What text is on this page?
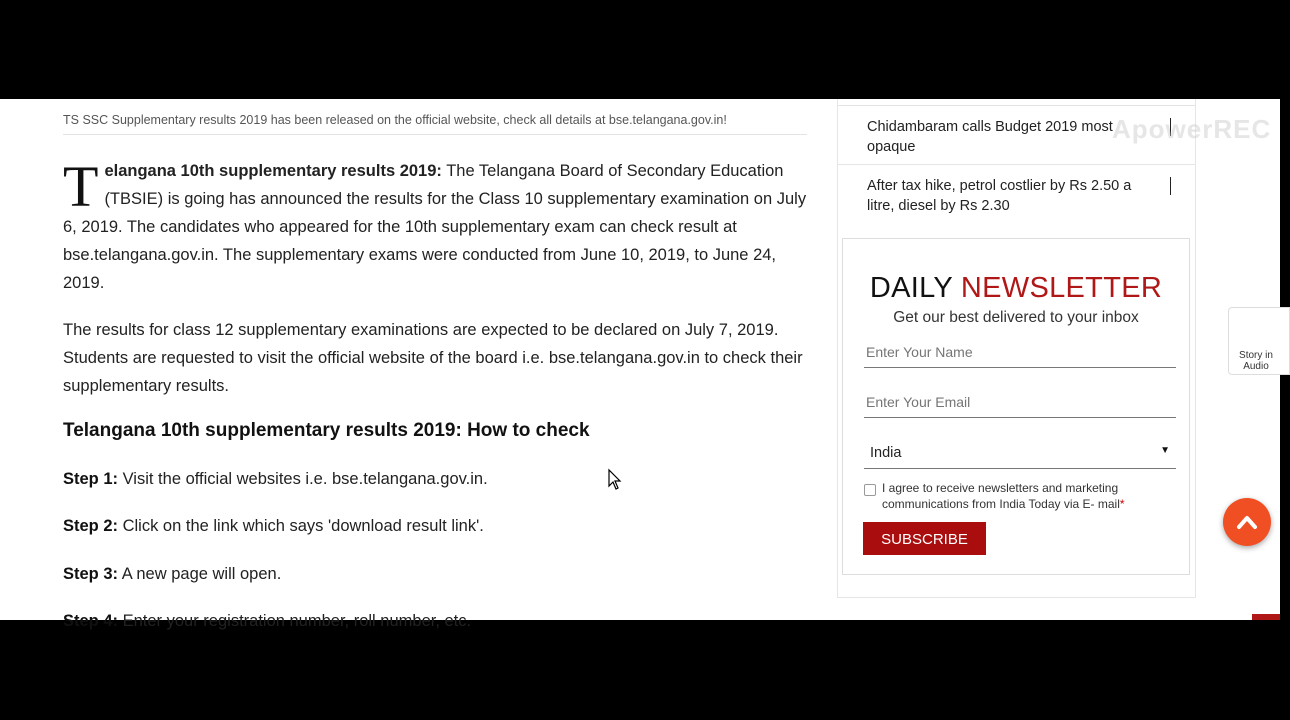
TS SSC Supplementary results 2019 has been released on the official website, check all details at bse.telangana.gov.in!

Telangana 10th supplementary results 2019: The Telangana Board of Secondary Education (TBSIE) is going has announced the results for the Class 10 supplementary examination on July 6, 2019. The candidates who appeared for the 10th supplementary exam can check result at bse.telangana.gov.in. The supplementary exams were conducted from June 10, 2019, to June 24, 2019.

The results for class 12 supplementary examinations are expected to be declared on July 7, 2019. Students are requested to visit the official website of the board i.e. bse.telangana.gov.in to check their supplementary results.

Telangana 10th supplementary results 2019: How to check

Step 1: Visit the official websites i.e. bse.telangana.gov.in.

Step 2: Click on the link which says 'download result link'.

Step 3: A new page will open.

Step 4: Enter your registration number, roll number, etc.

Chidambaram calls Budget 2019 most opaque
After tax hike, petrol costlier by Rs 2.50 a litre, diesel by Rs 2.30
DAILY NEWSLETTER
Get our best delivered to your inbox
Enter Your Name
Enter Your Email
India	▼
I agree to receive newsletters and marketing communications from India Today via E- mail*
SUBSCRIBE
ApowerREC
Story in Audio
